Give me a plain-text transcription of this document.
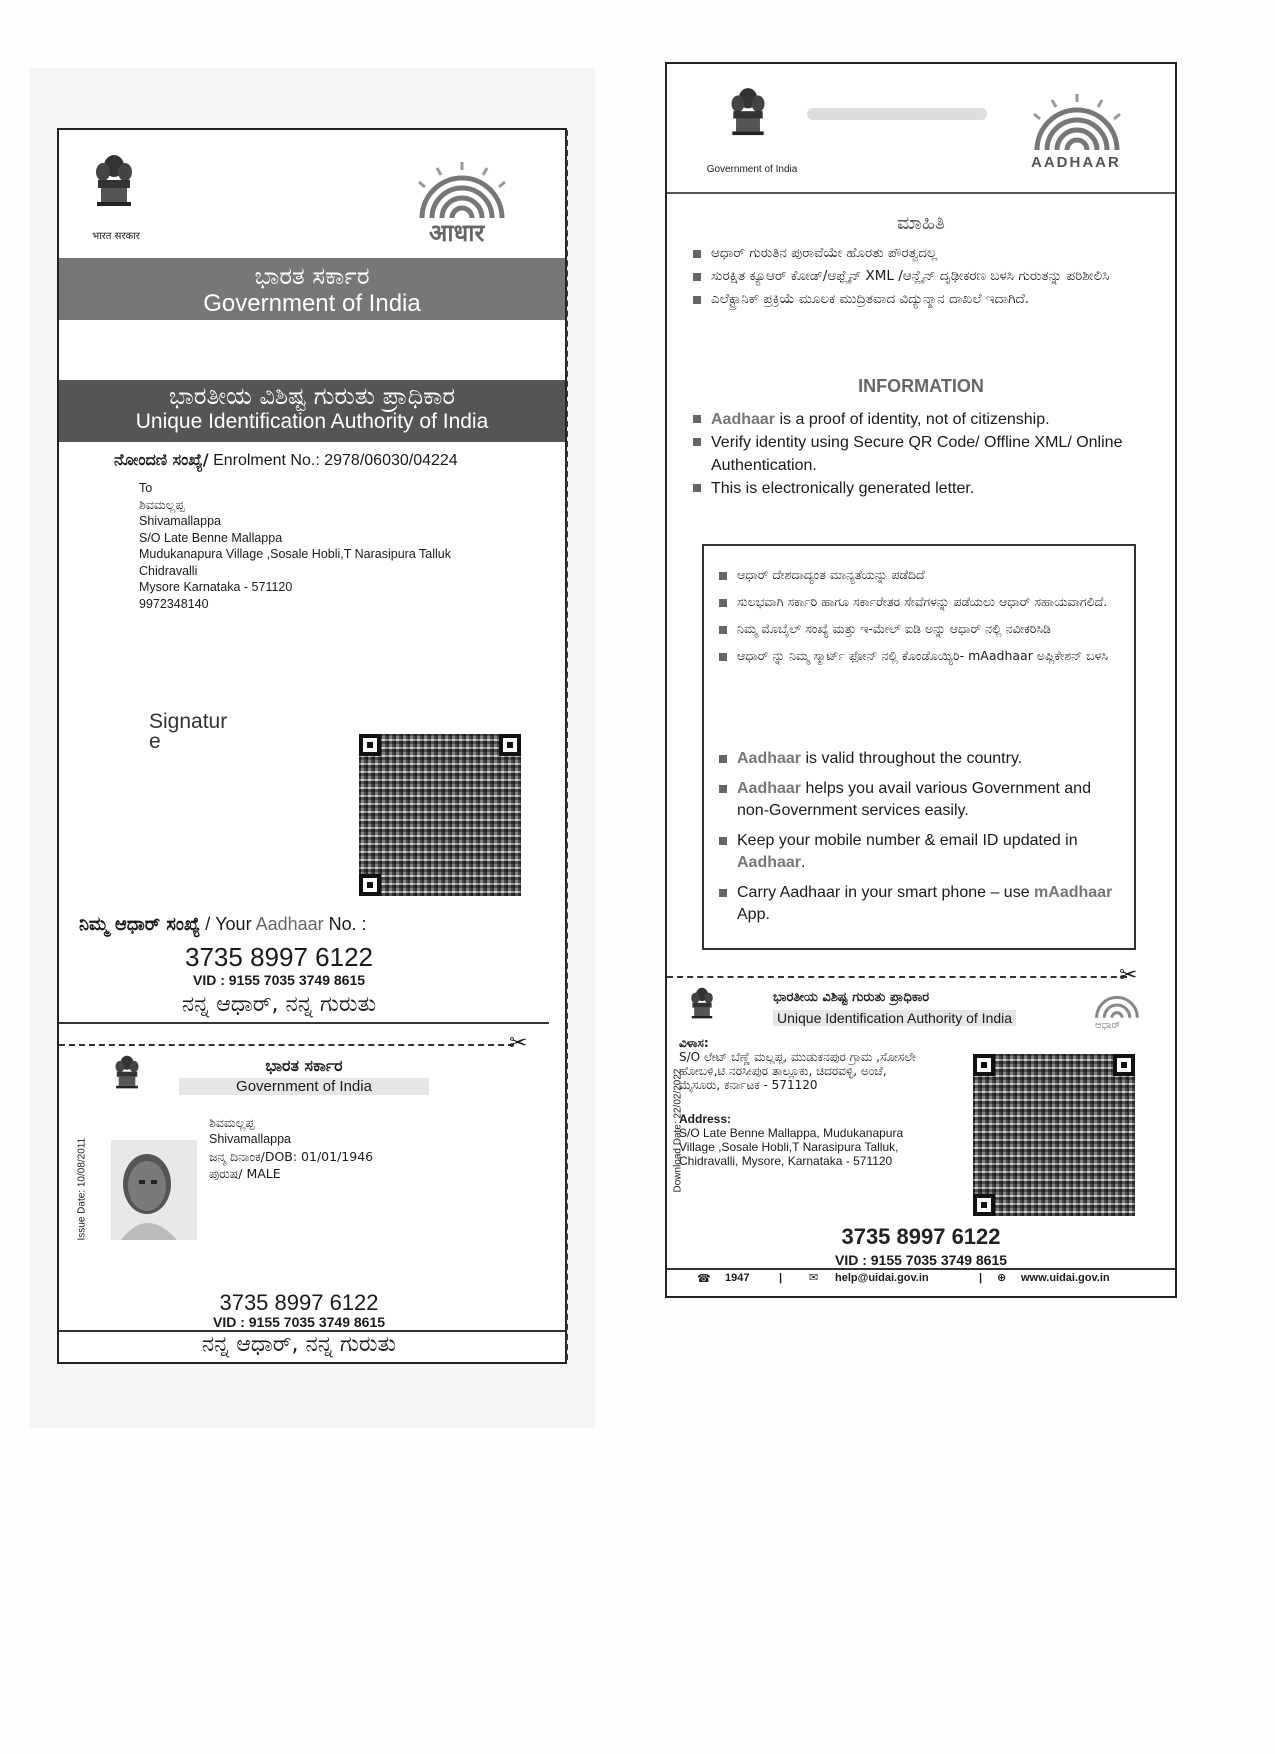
भारत सरकार	आधार
ಭಾರತ ಸರ್ಕಾರ
Government of India
ಭಾರತೀಯ ವಿಶಿಷ್ಟ ಗುರುತು ಪ್ರಾಧಿಕಾರ
Unique Identification Authority of India
ನೋಂದಣಿ ಸಂಖ್ಯೆ/ Enrolment No.: 2978/06030/04224
To
ಶಿವಮಲ್ಲಪ್ಪ
Shivamallappa
S/O Late Benne Mallappa
Mudukanapura Village ,Sosale Hobli,T Narasipura Talluk
Chidravalli
Mysore Karnataka - 571120
9972348140
Signatur e
ನಿಮ್ಮ ಆಧಾರ್ ಸಂಖ್ಯೆ / Your Aadhaar No. :
3735 8997 6122
VID : 9155 7035 3749 8615
ನನ್ನ ಆಧಾರ್, ನನ್ನ ಗುರುತು
✂
ಭಾರತ ಸರ್ಕಾರ
Government of India
ಶಿವಮಲ್ಲಪ್ಪ
Shivamallappa
ಜನ್ಮ ದಿನಾಂಕ/DOB: 01/01/1946
ಪುರುಷ/ MALE
Issue Date: 10/08/2011
3735 8997 6122
VID : 9155 7035 3749 8615
ನನ್ನ ಆಧಾರ್, ನನ್ನ ಗುರುತು
Government of India	AADHAAR
ಮಾಹಿತಿ
ಆಧಾರ್ ಗುರುತಿನ ಪುರಾವೆಯೇ ಹೊರತು ಪೌರತ್ವದಲ್ಲ
ಸುರಕ್ಷಿತ ಕ್ಯೂಆರ್ ಕೋಡ್/ಆಫ್ಲೈನ್ XML /ಆನ್ಲೈನ್ ದೃಢೀಕರಣ ಬಳಸಿ ಗುರುತನ್ನು ಪರಿಶೀಲಿಸಿ
ಎಲೆಕ್ಟ್ರಾನಿಕ್ ಪ್ರಕ್ರಿಯೆ ಮೂಲಕ ಮುದ್ರಿತವಾದ ವಿದ್ಯುನ್ಮಾನ ದಾಖಲೆ ಇದಾಗಿದೆ.
INFORMATION
Aadhaar is a proof of identity, not of citizenship.
Verify identity using Secure QR Code/ Offline XML/ Online Authentication.
This is electronically generated letter.
ಆಧಾರ್ ದೇಶದಾದ್ಯಂತ ಮಾನ್ಯತೆಯನ್ನು ಪಡೆದಿದೆ
ಸುಲಭವಾಗಿ ಸರ್ಕಾರಿ ಹಾಗೂ ಸರ್ಕಾರೇತರ ಸೇವೆಗಳನ್ನು ಪಡೆಯಲು ಆಧಾರ್ ಸಹಾಯವಾಗಲಿದೆ.
ನಿಮ್ಮ ಮೊಬೈಲ್ ಸಂಖ್ಯೆ ಮತ್ತು ಇ-ಮೇಲ್ ಐಡಿ ಅನ್ನು ಆಧಾರ್ ನಲ್ಲಿ ನವೀಕರಿಸಿಡಿ
ಆಧಾರ್ ನ್ನು ನಿಮ್ಮ ಸ್ಮಾರ್ಟ್ ಫೋನ್ ನಲ್ಲಿ ಕೊಂಡೊಯ್ಯಿರಿ- mAadhaar ಅಪ್ಲಿಕೇಶನ್ ಬಳಸಿ
Aadhaar is valid throughout the country.
Aadhaar helps you avail various Government and non-Government services easily.
Keep your mobile number & email ID updated in Aadhaar.
Carry Aadhaar in your smart phone – use mAadhaar App.
✂
ಭಾರತೀಯ ವಿಶಿಷ್ಟ ಗುರುತು ಪ್ರಾಧಿಕಾರ
Unique Identification Authority of India	ಆಧಾರ್
Download Date: 22/02/2022
ವಿಳಾಸ:
S/O ಲೇಟ್ ಬೆಣ್ಣೆ ಮಲ್ಲಪ್ಪ, ಮುಡುಕನಪುರ ಗ್ರಾಮ ,ಸೋಸಲೇ ಹೋಬಳಿ,ಟಿ ನರಸೀಪುರ ತಾಲ್ಲೂಕು, ಚಿದರವಳ್ಳಿ, ಅಂಚೆ, ಮೈಸೂರು, ಕರ್ನಾಟಕ - 571120
Address:
S/O Late Benne Mallappa, Mudukanapura Village ,Sosale Hobli,T Narasipura Talluk, Chidravalli, Mysore, Karnataka - 571120
3735 8997 6122
VID : 9155 7035 3749 8615
☎ 1947	| ✉ help@uidai.gov.in	| ⊕ www.uidai.gov.in
